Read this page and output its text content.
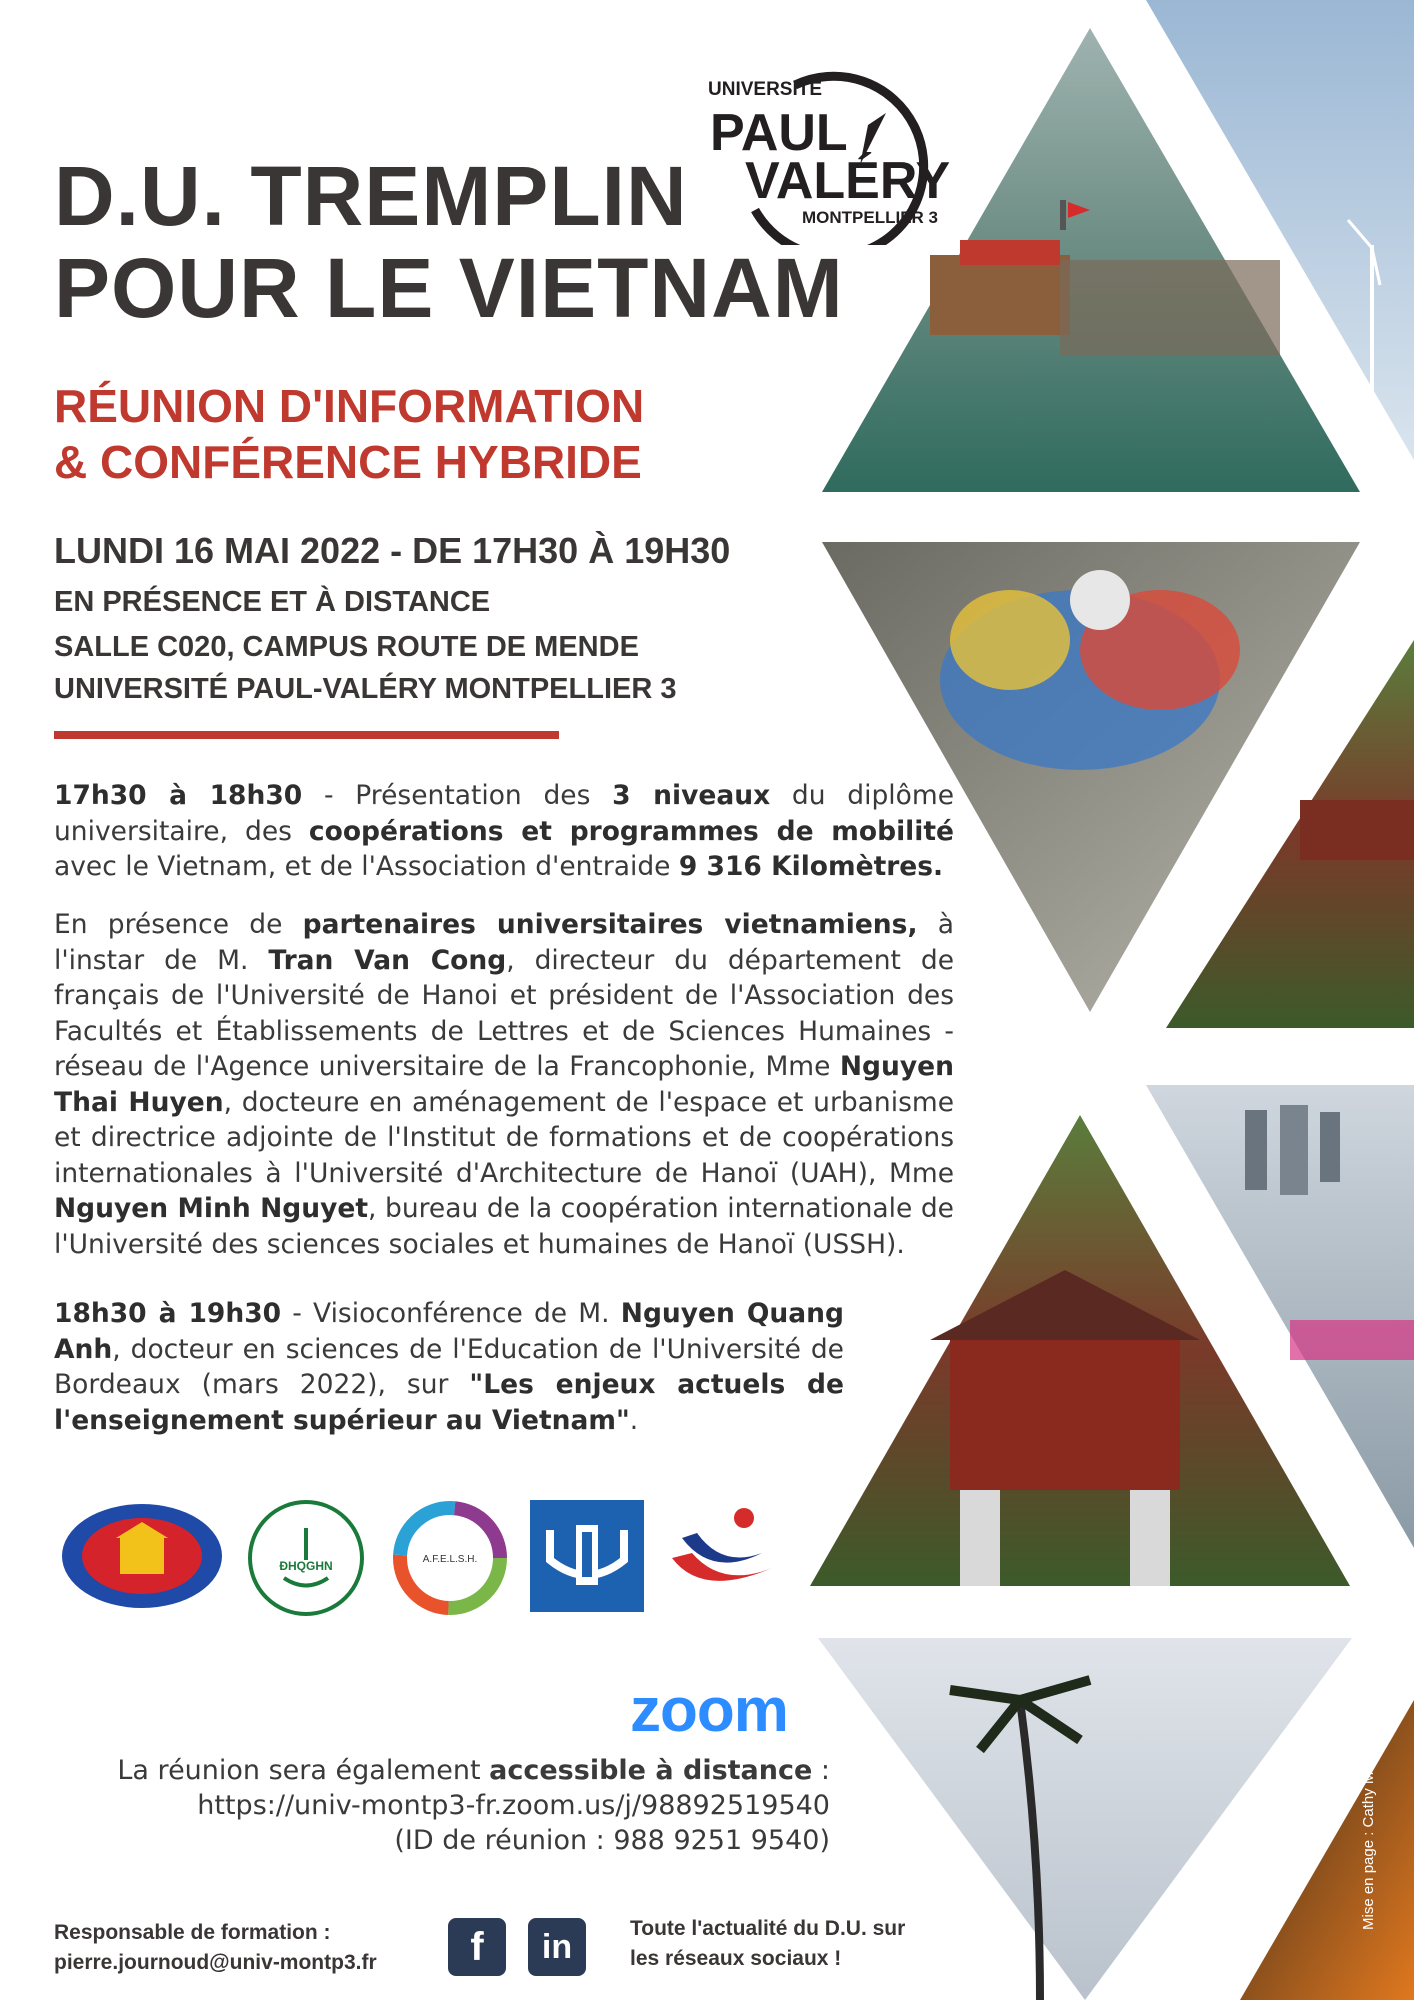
UNIVERSITÉ
PAUL
VALÉRY
MONTPELLIER 3
D.U. TREMPLIN
POUR LE VIETNAM
RÉUNION D'INFORMATION
& CONFÉRENCE HYBRIDE
LUNDI 16 MAI 2022 - DE 17H30 À 19H30
EN PRÉSENCE ET À DISTANCE
SALLE C020, CAMPUS ROUTE DE MENDE
UNIVERSITÉ PAUL-VALÉRY MONTPELLIER 3
17h30 à 18h30 - Présentation des 3 niveaux du diplôme universitaire, des coopérations et programmes de mobilité avec le Vietnam, et de l'Association d'entraide 9 316 Kilomètres.
En présence de partenaires universitaires vietnamiens, à l'instar de M. Tran Van Cong, directeur du département de français de l'Université de Hanoi et président de l'Association des Facultés et Établissements de Lettres et de Sciences Humaines - réseau de l'Agence universitaire de la Francophonie, Mme Nguyen Thai Huyen, docteure en aménagement de l'espace et urbanisme et directrice adjointe de l'Institut de formations et de coopérations internationales à l'Université d'Architecture de Hanoï (UAH), Mme Nguyen Minh Nguyet, bureau de la coopération internationale de l'Université des sciences sociales et humaines de Hanoï (USSH).
18h30 à 19h30 - Visioconférence de M. Nguyen Quang Anh, docteur en sciences de l'Education de l'Université de Bordeaux (mars 2022), sur "Les enjeux actuels de l'enseignement supérieur au Vietnam".
ĐHQGHN	A.F.E.L.S.H.
zoom
La réunion sera également accessible à distance :
https://univ-montp3-fr.zoom.us/j/98892519540
(ID de réunion : 988 9251 9540)
Responsable de formation :
pierre.journoud@univ-montp3.fr	f	in	Toute l'actualité du D.U. sur
les réseaux sociaux !
Mise en page : Cathy Monarque, UPVM3
